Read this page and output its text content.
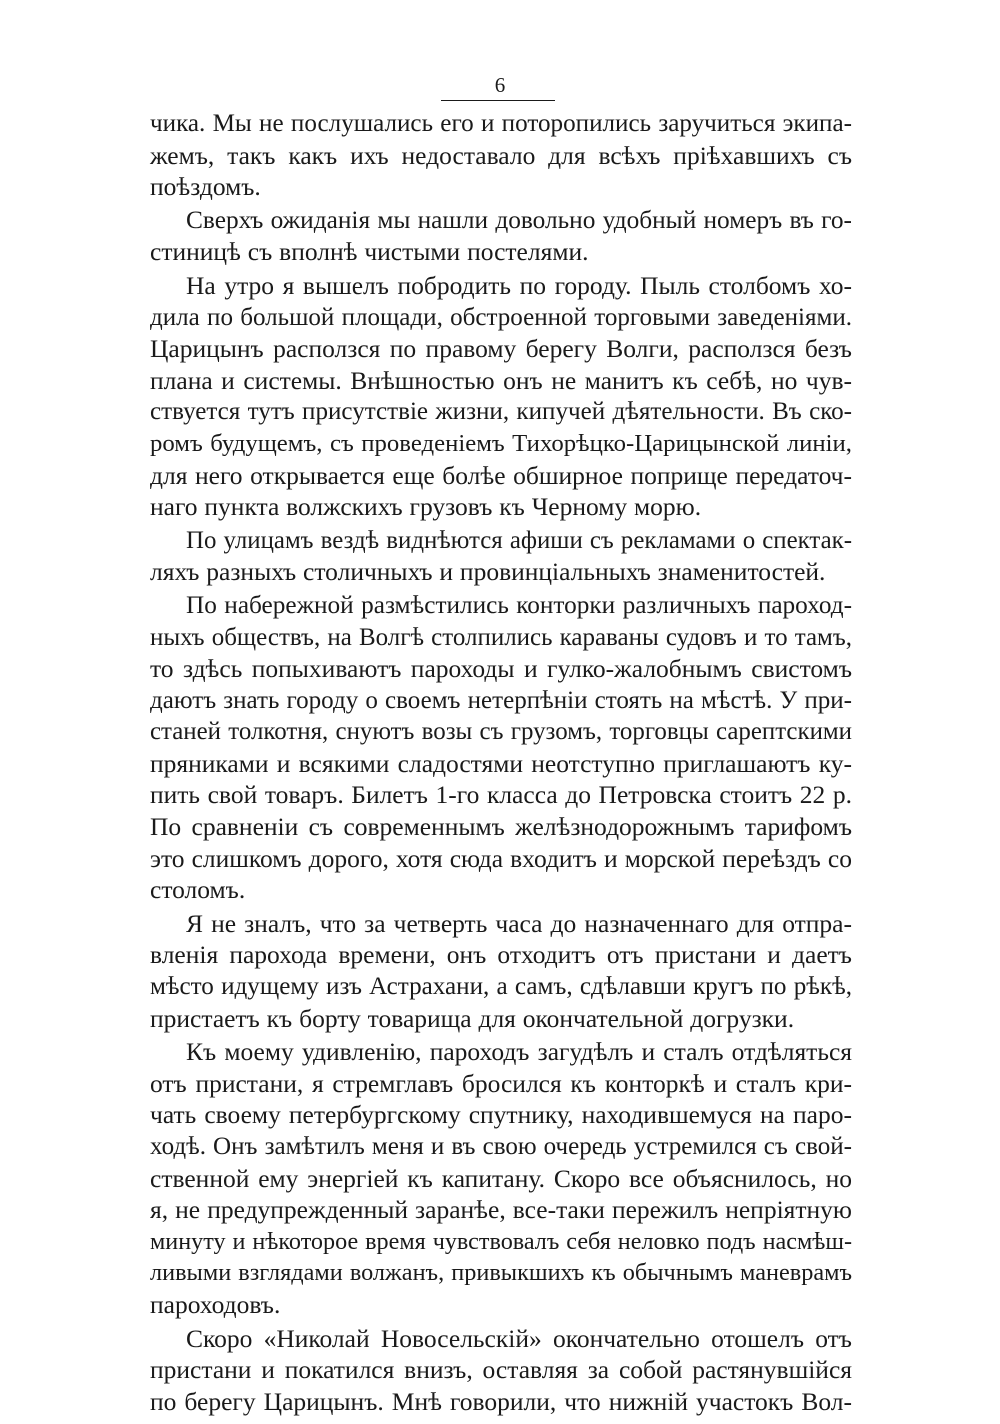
6

чика. Мы не послушались его и поторопились заручиться экипа-
жемъ, такъ какъ ихъ недоставало для всѣхъ пріѣхавшихъ съ
поѣздомъ.

Сверхъ ожиданія мы нашли довольно удобный номеръ въ го-
стиницѣ съ вполнѣ чистыми постелями.

На утро я вышелъ побродить по городу. Пыль столбомъ хо-
дила по большой площади, обстроенной торговыми заведеніями.
Царицынъ расползся по правому берегу Волги, расползся безъ
плана и системы. Внѣшностью онъ не манитъ къ себѣ, но чув-
ствуется тутъ присутствіе жизни, кипучей дѣятельности. Въ ско-
ромъ будущемъ, съ проведеніемъ Тихорѣцко-Царицынской линіи,
для него открывается еще болѣе обширное поприще передаточ-
наго пункта волжскихъ грузовъ къ Черному морю.

По улицамъ вездѣ виднѣются афиши съ рекламами о спектак-
ляхъ разныхъ столичныхъ и провинціальныхъ знаменитостей.

По набережной размѣстились конторки различныхъ пароход-
ныхъ обществъ, на Волгѣ столпились караваны судовъ и то тамъ,
то здѣсь попыхиваютъ пароходы и гулко-жалобнымъ свистомъ
даютъ знать городу о своемъ нетерпѣніи стоять на мѣстѣ. У при-
станей толкотня, снуютъ возы съ грузомъ, торговцы сарептскими
пряниками и всякими сладостями неотступно приглашаютъ ку-
пить свой товаръ. Билетъ 1-го класса до Петровска стоитъ 22 р.
По сравненіи съ современнымъ желѣзнодорожнымъ тарифомъ
это слишкомъ дорого, хотя сюда входитъ и морской переѣздъ со
столомъ.

Я не зналъ, что за четверть часа до назначеннаго для отпра-
вленія парохода времени, онъ отходитъ отъ пристани и даетъ
мѣсто идущему изъ Астрахани, а самъ, сдѣлавши кругъ по рѣкѣ,
пристаетъ къ борту товарища для окончательной догрузки.

Къ моему удивленію, пароходъ загудѣлъ и сталъ отдѣляться
отъ пристани, я стремглавъ бросился къ конторкѣ и сталъ кри-
чать своему петербургскому спутнику, находившемуся на паро-
ходѣ. Онъ замѣтилъ меня и въ свою очередь устремился съ свой-
ственной ему энергіей къ капитану. Скоро все объяснилось, но
я, не предупрежденный заранѣе, все-таки пережилъ непріятную
минуту и нѣкоторое время чувствовалъ себя неловко подъ насмѣш-
ливыми взглядами волжанъ, привыкшихъ къ обычнымъ маневрамъ
пароходовъ.

Скоро «Николай Новосельскій» окончательно отошелъ отъ
пристани и покатился внизъ, оставляя за собой растянувшійся
по берегу Царицынъ. Мнѣ говорили, что нижній участокъ Вол-
